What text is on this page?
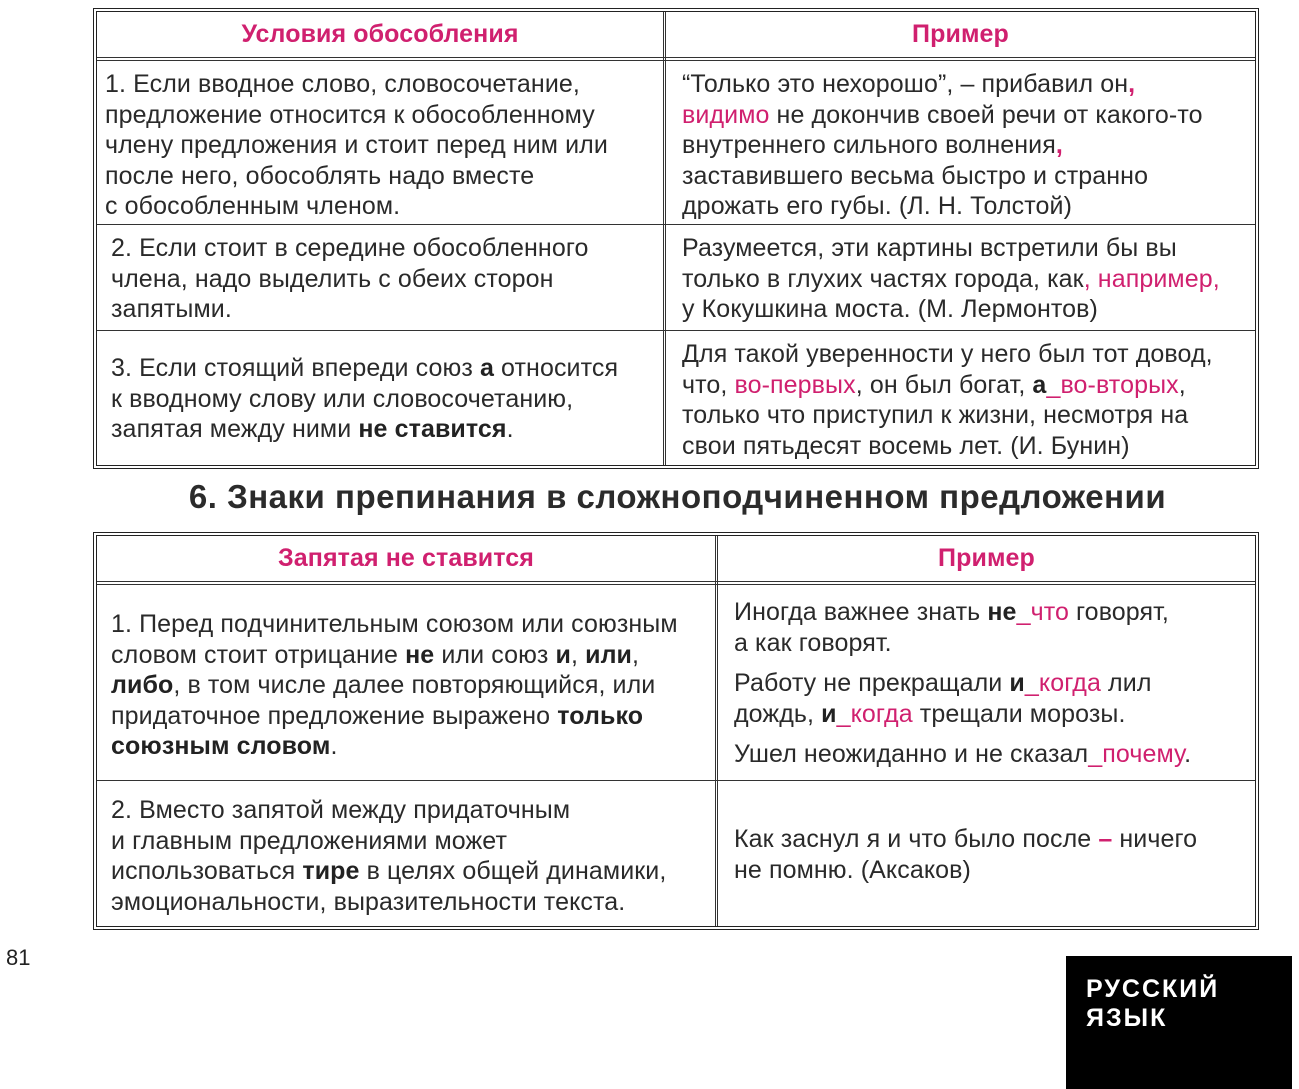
Условия обособления	Пример

1. Если вводное слово, словосочетание,

предложение относится к обособленному

члену предложения и стоит перед ним или

после него, обособлять надо вместе

с обособленным членом.

“Только это нехорошо”, – прибавил он,

видимо не докончив своей речи от какого-то

внутреннего сильного волнения,

заставившего весьма быстро и странно

дрожать его губы. (Л. Н. Толстой)

2. Если стоит в середине обособленного

члена, надо выделить с обеих сторон

запятыми.

Разумеется, эти картины встретили бы вы

только в глухих частях города, как, например,

у Кокушкина моста. (М. Лермонтов)

3. Если стоящий впереди союз а относится

к вводному слову или словосочетанию,

запятая между ними не ставится.

Для такой уверенности у него был тот довод,

что, во-первых, он был богат, а_во-вторых,

только что приступил к жизни, несмотря на

свои пятьдесят восемь лет. (И. Бунин)

6. Знаки препинания в сложноподчиненном предложении
Запятая не ставится	Пример

1. Перед подчинительным союзом или союзным

словом стоит отрицание не или союз и, или,

либо, в том числе далее повторяющийся, или

придаточное предложение выражено только

союзным словом.

Иногда важнее знать не_что говорят,

а как говорят.

Работу не прекращали и_когда лил

дождь, и_когда трещали морозы.

Ушел неожиданно и не сказал_почему.

2. Вместо запятой между придаточным

и главным предложениями может

использоваться тире в целях общей динамики,

эмоциональности, выразительности текста.

Как заснул я и что было после – ничего

не помню. (Аксаков)

81
РУССКИЙ ЯЗЫК
